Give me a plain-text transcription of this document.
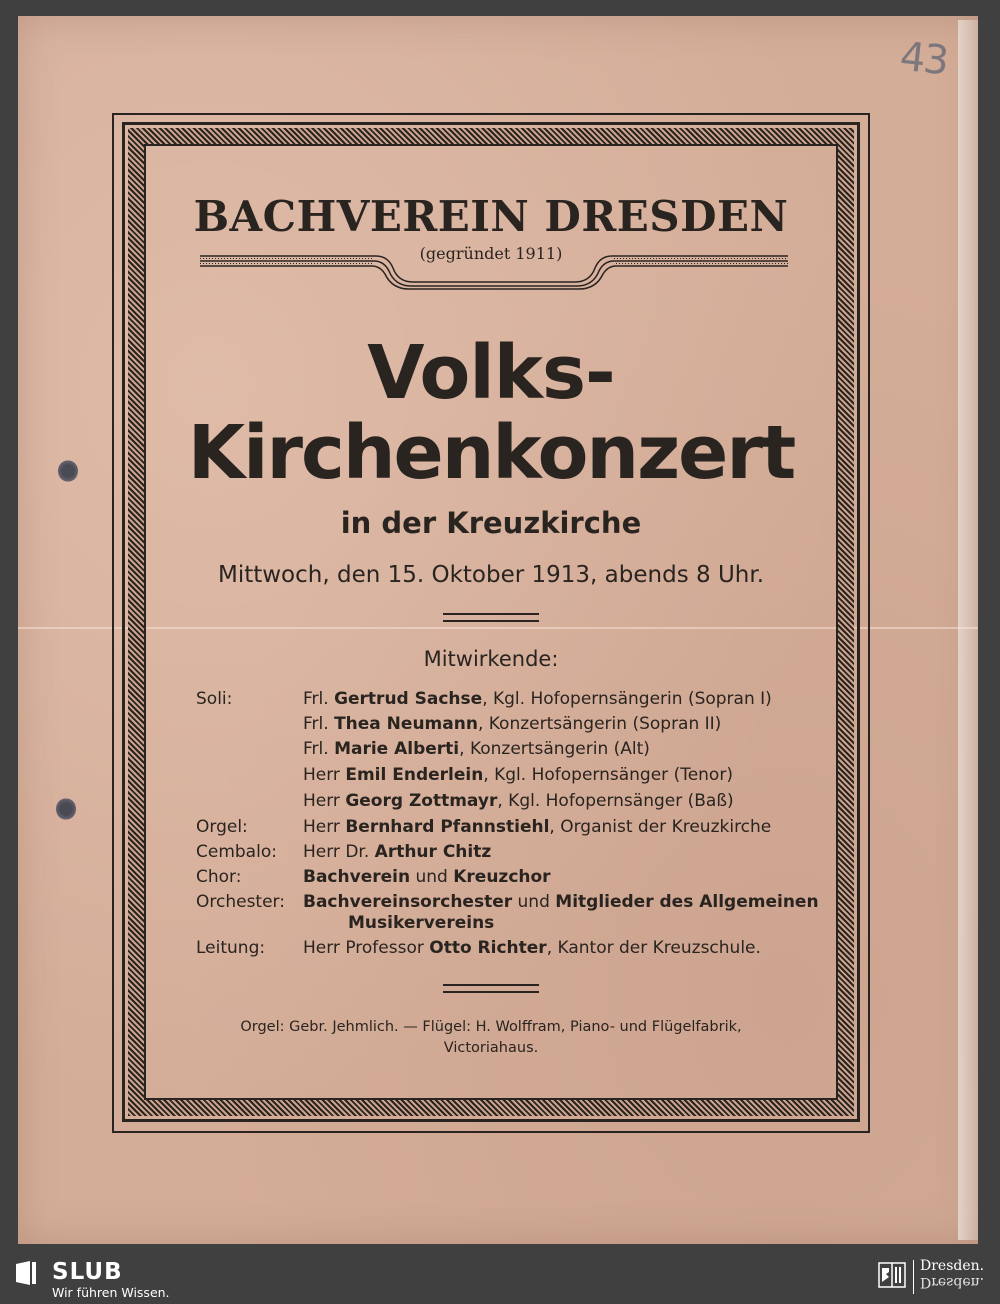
43
BACHVEREIN DRESDEN
(gegründet 1911)
Volks-
Kirchenkonzert
in der Kreuzkirche
Mittwoch, den 15. Oktober 1913, abends 8 Uhr.
Mitwirkende:
Soli:	Frl. Gertrud Sachse, Kgl. Hofopernsängerin (Sopran I)
Frl. Thea Neumann, Konzertsängerin (Sopran II)
Frl. Marie Alberti, Konzertsängerin (Alt)
Herr Emil Enderlein, Kgl. Hofopernsänger (Tenor)
Herr Georg Zottmayr, Kgl. Hofopernsänger (Baß)
Orgel:	Herr Bernhard Pfannstiehl, Organist der Kreuzkirche
Cembalo: Herr Dr. Arthur Chitz
Chor:	Bachverein und Kreuzchor
Orchester: Bachvereinsorchester und Mitglieder des Allgemeinen
Musikervereins
Leitung: Herr Professor Otto Richter, Kantor der Kreuzschule.
Orgel: Gebr. Jehmlich. — Flügel: H. Wolffram, Piano- und Flügelfabrik,
Victoriahaus.
SLUB
Wir führen Wissen.
Dresden.
Dresden.
